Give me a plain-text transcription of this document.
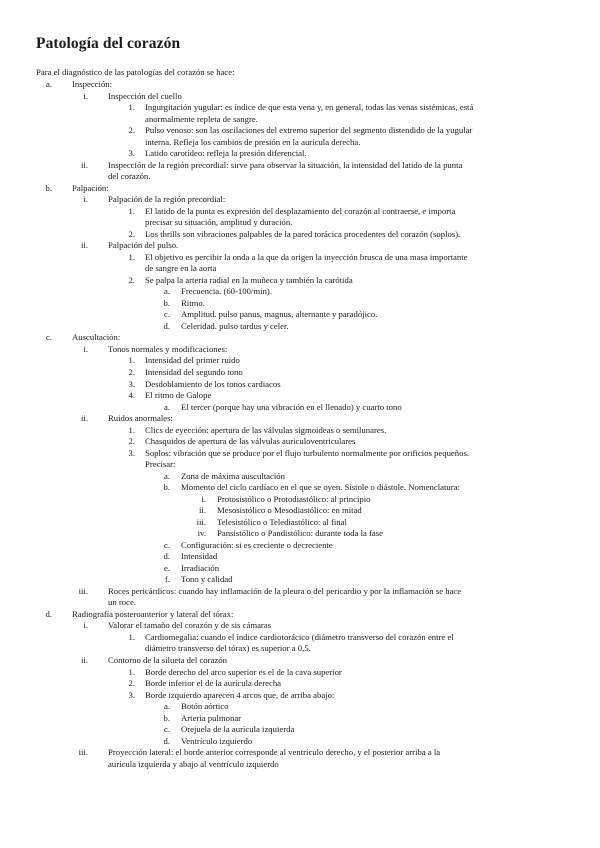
Patología del corazón
Para el diagnóstico de las patologías del corazón se hace:
a. Inspección:
i. Inspección del cuello
1. Ingurgitación yugular: es índice de que esta vena y, en general, todas las venas sistémicas, está
anormalmente repleta de sangre.
2. Pulso venoso: son las oscilaciones del extremo superior del segmento distendido de la yugular
interna. Refleja los cambios de presión en la aurícula derecha.
3. Latido carotídeo: refleja la presión diferencial.
ii. Inspección de la región precordial: sirve para observar la situación, la intensidad del latido de la punta
del corazón.
b. Palpación:
i. Palpación de la región precordial:
1. El latido de la punta es expresión del desplazamiento del corazón al contraerse, e importa
precisar su situación, amplitud y duración.
2. Los thrills son vibraciones palpables de la pared torácica procedentes del corazón (soplos).
ii. Palpación del pulso.
1. El objetivo es percibir la onda a la que da origen la inyección brusca de una masa importante
de sangre en la aorta
2. Se palpa la arteria radial en la muñeca y también la carótida
a. Frecuencia. (60-100/min).
b. Ritmo.
c. Amplitud. pulso panus, magnus, alternante y paradójico.
d. Celeridad. pulso tardus y celer.
c. Auscultación:
i. Tonos normales y modificaciones:
1. Intensidad del primer ruido
2. Intensidad del segundo tono
3. Desdoblamiento de los tonos cardiacos
4. El ritmo de Galope
a. El tercer (porque hay una vibración en el llenado) y cuarto tono
ii. Ruidos anormales:
1. Clics de eyección: apertura de las válvulas sigmoideas o semilunares.
2. Chasquidos de apertura de las válvulas auriculoventriculares
3. Soplos: vibración que se produce por el flujo turbulento normalmente por orificios pequeños.
Precisar:
a. Zona de máxima auscultación
b. Momento del ciclo cardíaco en el que se oyen. Sístole o diástole. Nomenclatura:
i. Protosistólico o Protodiastólico: al principio
ii. Mesosistólico o Mesodiastólico: en mitad
iii. Telesistólico o Telediastólico: al final
iv. Pansistólico o Pandistólico: durante toda la fase
c. Configuración: si es creciente o decreciente
d. Intensidad
e. Irradiación
f. Tono y calidad
iii. Roces pericárdicos: cuando hay inflamación de la pleura o del pericardio y por la inflamación se hace
un roce.
d. Radiografía posteroanterior y lateral del tórax:
i. Valorar el tamaño del corazón y de sis cámaras
1. Cardiomegalia: cuando el índice cardiotorácico (diámetro transverso del corazón entre el
diámetro transverso del tórax) es superior a 0,5.
ii. Contorno de la silueta del corazón
1. Borde derecho del arco superior es el de la cava superior
2. Borde inferior el de la aurícula derecha
3. Borde izquierdo aparecen 4 arcos que, de arriba abajo:
a. Botón aórtico
b. Arteria pulmonar
c. Orejuela de la aurícula izquierda
d. Ventrículo izquierdo
iii. Proyección lateral: el borde anterior corresponde al ventrículo derecho, y el posterior arriba a la
aurícula izquierda y abajo al ventrículo izquierdo
